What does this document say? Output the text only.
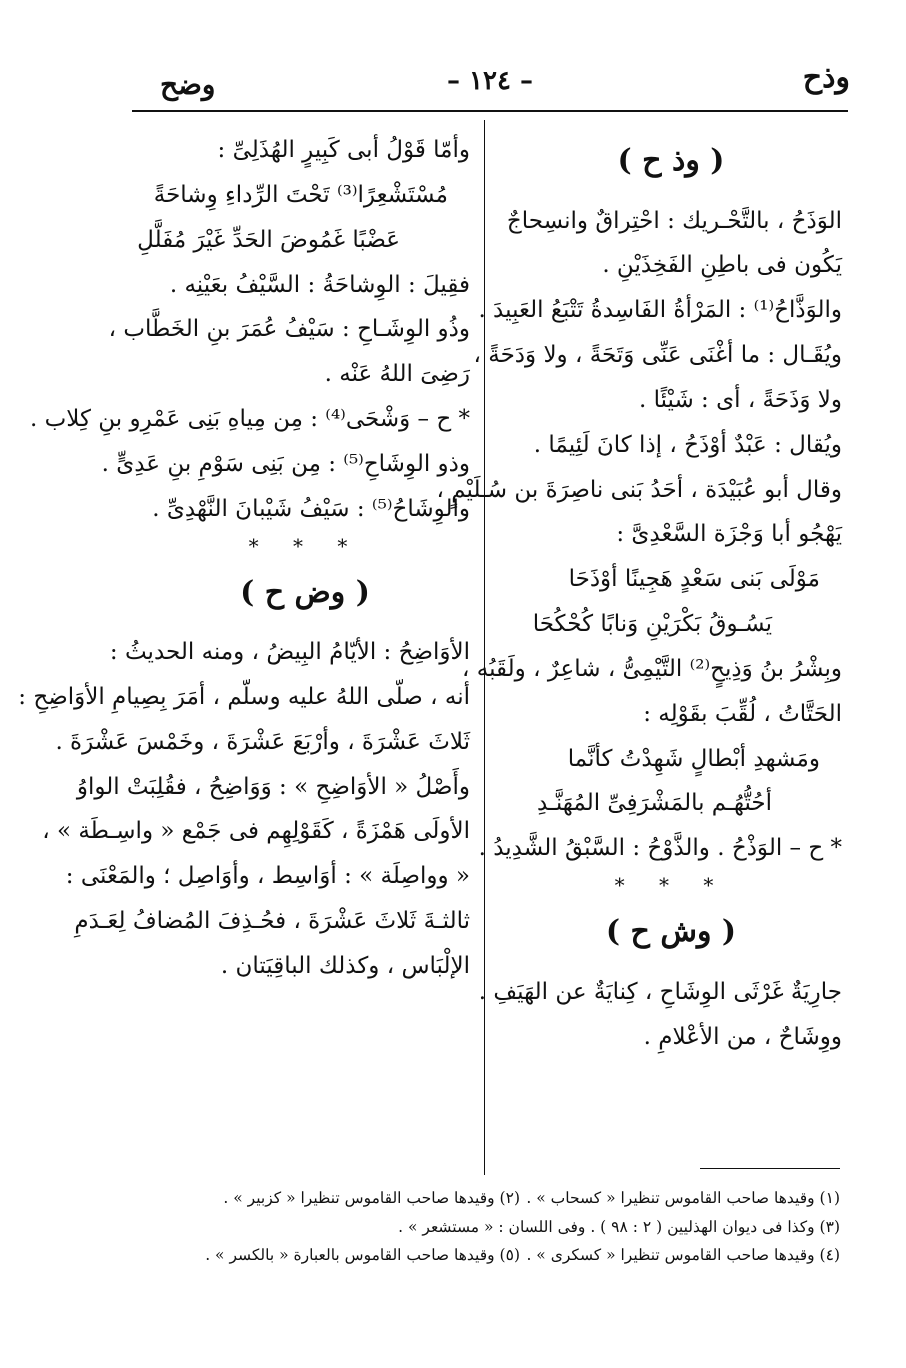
وذح
– ١٢٤ –
وضح

( وذ ح )

الوَذَحُ ، بالتَّحْـريك : احْتِراقٌ وانسِحاجٌ

يَكُون فى باطِنِ الفَخِذَيْنِ .

والوَذَّاحُ⁽¹⁾ : المَرْأةُ الفَاسِدةُ تَتْبَعُ العَبِيدَ .

ويُقَـال : ما أغْنَى عَنِّى وَتَحَةً ، ولا وَدَحَةً ،

ولا وَذَحَةً ، أى : شَيْئًا .

ويُقال : عَبْدٌ أوْذَحُ ، إذا كانَ لَئِيمًا .

وقال أبو عُبَيْدَة ، أحَدُ بَنى ناصِرَةَ بن سُـلَيْمٍ ،

يَهْجُو أبا وَجْزَة السَّعْدِىَّ :

مَوْلَى بَنى سَعْدٍ هَجِينًا أوْذَحَا

يَسُـوقُ بَكْرَيْنِ وَنابًا كُحْكُحَا

وبِشْرُ بنُ وَذِيحٍ⁽²⁾ التَّيْمِىُّ ، شاعِرٌ ، ولَقَبُه ،

الحَتَّاتُ ، لُقِّبَ بقَوْلِه :

ومَشهدِ أبْطالٍ شَهِدْتُ كأنَّما

أحُتُّهُـم بالمَشْرَفِىِّ المُهَنَّـدِ

* ح – الوَذْحُ . والذَّوْحُ : السَّبْقُ الشَّدِيدُ .

* * *

( وش ح )

جارِيَةٌ غَرْثَى الوِشَاحِ ، كِنايَةٌ عن الهَيَفِ .

ووِشَاحٌ ، من الأعْلامِ .

وأمّا قَوْلُ أبى كَبِيرٍ الهُذَلِىِّ :

مُسْتَشْعِرًا⁽³⁾ تَحْتَ الرِّداءِ وِشاحَةً

عَضْبًا غَمُوضَ الحَدِّ غَيْرَ مُفَلَّلِ

فقِيلَ : الوِشاحَةُ : السَّيْفُ بعَيْنِه .

وذُو الوِشَـاحِ : سَيْفُ عُمَرَ بنِ الخَطَّاب ،

رَضِىَ اللهُ عَنْه .

* ح – وَشْحَى⁽⁴⁾ : مِن مِياهِ بَنِى عَمْرِو بنِ كِلاب .

وذو الوِشَاحِ⁽⁵⁾ : مِن بَنِى سَوْمِ بنِ عَدِىٍّ .

والوِشَاحُ⁽⁵⁾ : سَيْفُ شَيْبانَ النَّهْدِىِّ .

* * *

( وض ح )

الأوَاضِحُ : الأيّامُ البِيضُ ، ومنه الحديثُ :

أنه ، صلّى اللهُ عليه وسلّم ، أمَرَ بِصِيامِ الأوَاضِحِ :

ثَلاثَ عَشْرَةَ ، وأرْبَعَ عَشْرَةَ ، وخَمْسَ عَشْرَةَ .

وأَصْلُ « الأوَاضِحِ » : وَوَاضِحُ ، فقُلِبَتْ الواوُ

الأولَى هَمْزَةً ، كَقَوْلِهِم فى جَمْع « واسِـطَة » ،

« وواصِلَة » : أوَاسِط ، وأوَاصِل ؛ والمَعْنَى :

ثالثـةَ ثَلاثَ عَشْرَةَ ، فحُـذِفَ المُضافُ لِعَـدَمِ

الإلْبَاس ، وكذلك الباقِيَتان .

(١) وقيدها صاحب القاموس تنظيرا « كسحاب » .
(٢) وقيدها صاحب القاموس تنظيرا « كزبير » .
(٣) وكذا فى ديوان الهذليين ( ٢ : ٩٨ ) . وفى اللسان : « مستشعر » .
(٤) وقيدها صاحب القاموس تنظيرا « كسكرى » .
(٥) وقيدها صاحب القاموس بالعبارة « بالكسر » .
